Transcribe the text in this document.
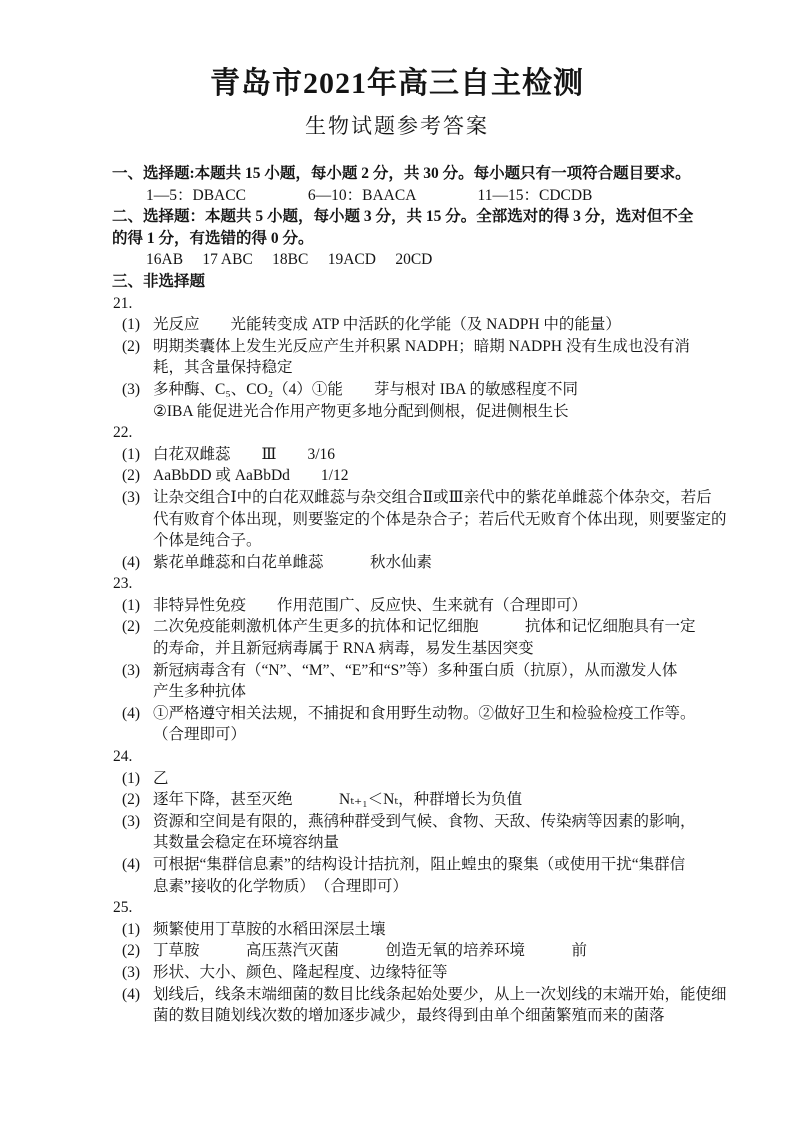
青岛市2021年高三自主检测
生物试题参考答案
一、选择题:本题共 15 小题，每小题 2 分，共 30 分。每小题只有一项符合题目要求。
1—5：DBACC　　　　6—10：BAACA　　　　11—15：CDCDB
二、选择题：本题共 5 小题，每小题 3 分，共 15 分。全部选对的得 3 分，选对但不全
的得 1 分，有选错的得 0 分。
16AB　 17 ABC　 18BC　 19ACD　 20CD
三、非选择题
21.
(1) 光反应　　光能转变成 ATP 中活跃的化学能（及 NADPH 中的能量）
(2) 明期类囊体上发生光反应产生并积累 NADPH；暗期 NADPH 没有生成也没有消
耗，其含量保持稳定
(3) 多种酶、C₅、CO₂（4）①能　　芽与根对 IBA 的敏感程度不同
②IBA 能促进光合作用产物更多地分配到侧根，促进侧根生长
22.
(1) 白花双雌蕊　　Ⅲ　　3/16
(2) AaBbDD 或 AaBbDd　　1/12
(3) 让杂交组合Ⅰ中的白花双雌蕊与杂交组合Ⅱ或Ⅲ亲代中的紫花单雌蕊个体杂交，若后
代有败育个体出现，则要鉴定的个体是杂合子；若后代无败育个体出现，则要鉴定的
个体是纯合子。
(4) 紫花单雌蕊和白花单雌蕊　　　秋水仙素
23.
(1) 非特异性免疫　　作用范围广、反应快、生来就有（合理即可）
(2) 二次免疫能刺激机体产生更多的抗体和记忆细胞　　　抗体和记忆细胞具有一定
的寿命，并且新冠病毒属于 RNA 病毒，易发生基因突变
(3) 新冠病毒含有（“N”、“M”、“E”和“S”等）多种蛋白质（抗原），从而激发人体
产生多种抗体
(4) ①严格遵守相关法规，不捕捉和食用野生动物。②做好卫生和检验检疫工作等。
（合理即可）
24.
(1) 乙
(2) 逐年下降，甚至灭绝　　　Nₜ₊₁＜Nₜ，种群增长为负值
(3) 资源和空间是有限的，燕鸻种群受到气候、食物、天敌、传染病等因素的影响，
其数量会稳定在环境容纳量
(4) 可根据“集群信息素”的结构设计拮抗剂，阻止蝗虫的聚集（或使用干扰“集群信
息素”接收的化学物质）　（合理即可）
25.
(1) 频繁使用丁草胺的水稻田深层土壤
(2) 丁草胺　　　高压蒸汽灭菌　　　创造无氧的培养环境　　　前
(3) 形状、大小、颜色、隆起程度、边缘特征等
(4) 划线后，线条末端细菌的数目比线条起始处要少，从上一次划线的末端开始，能使细
菌的数目随划线次数的增加逐步减少，最终得到由单个细菌繁殖而来的菌落
